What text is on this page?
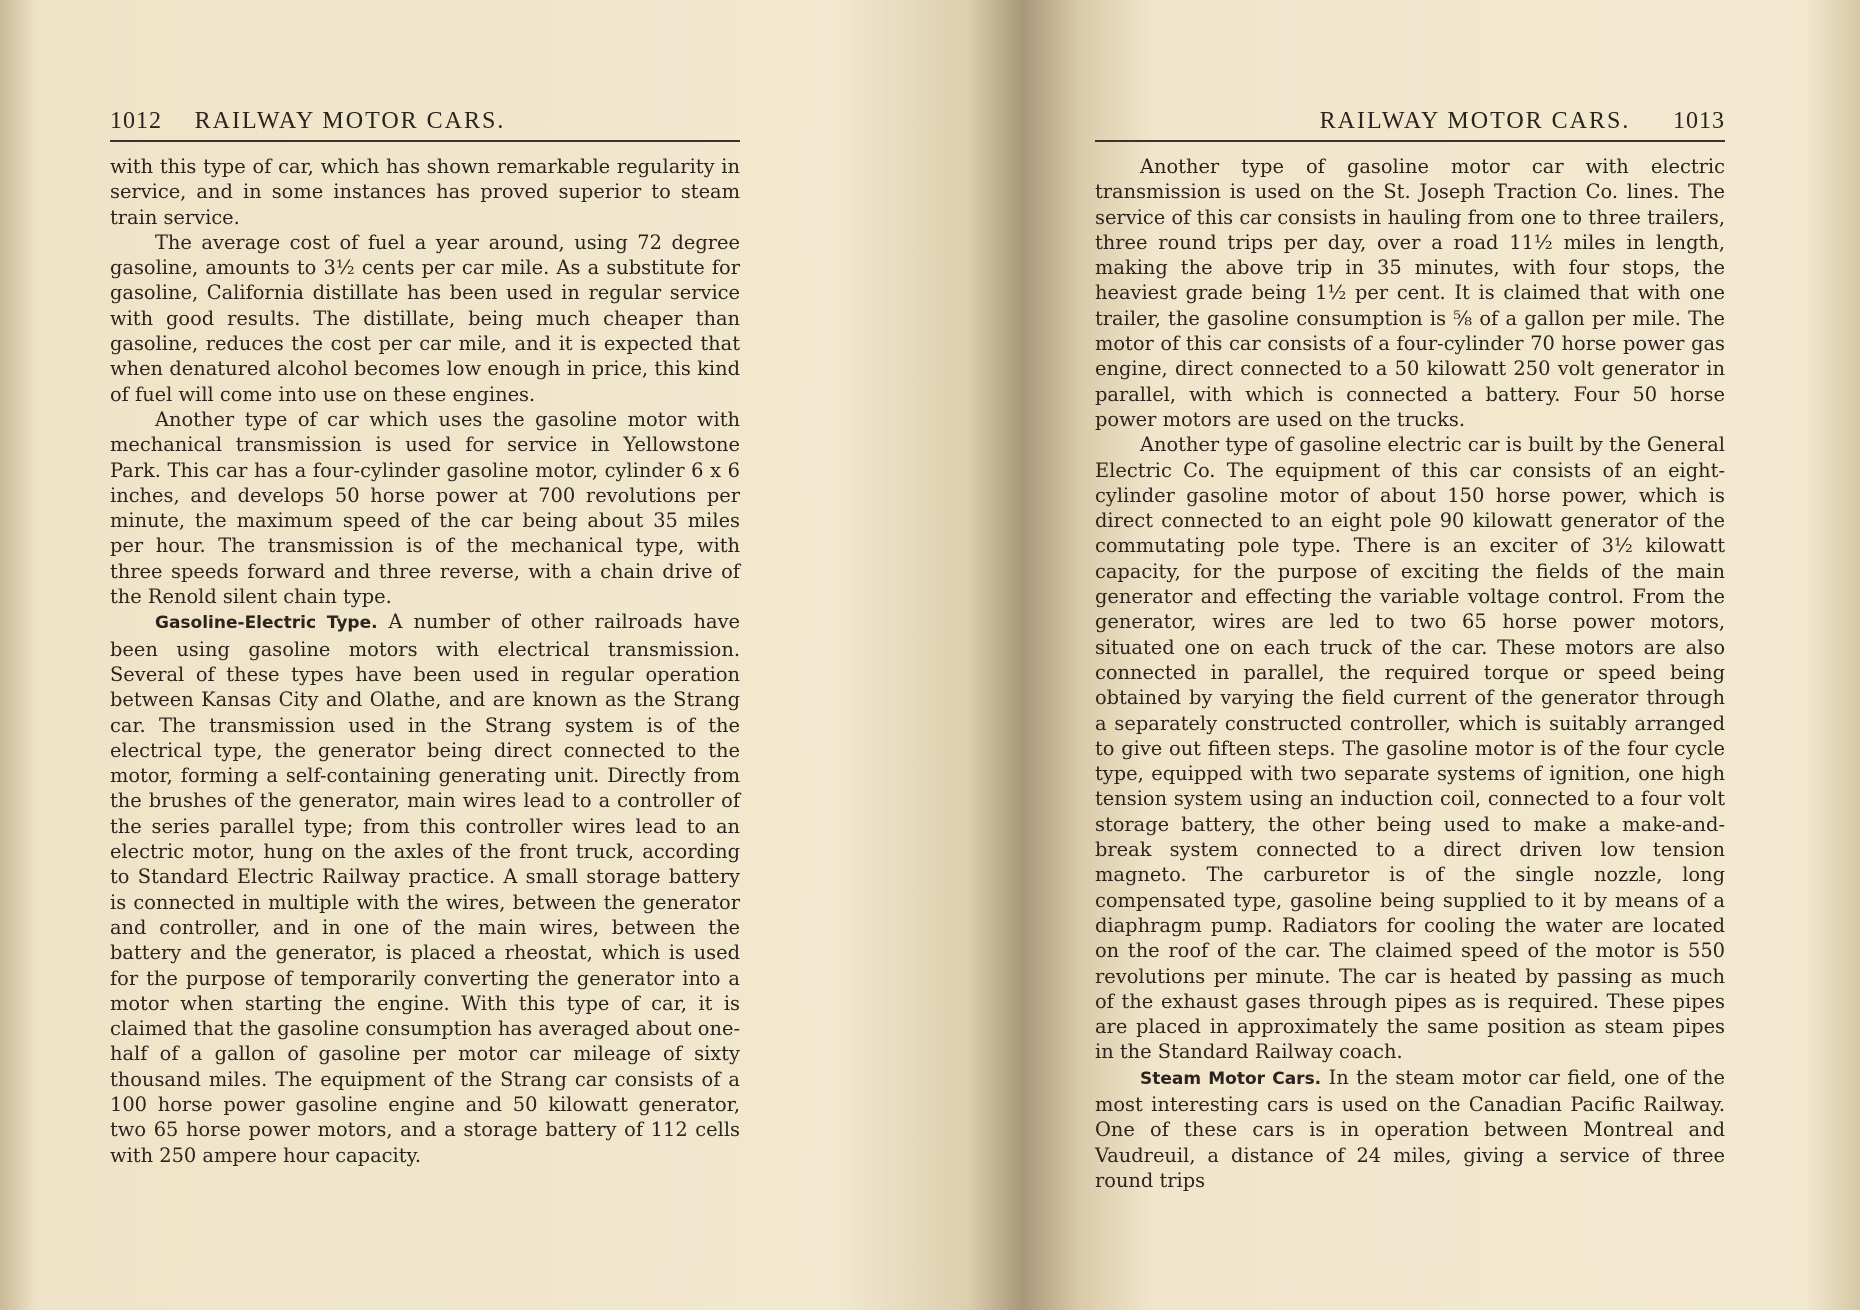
1012	RAILWAY MOTOR CARS.

with this type of car, which has shown remarkable regularity in service, and in some instances has proved superior to steam train service.

The average cost of fuel a year around, using 72 degree gasoline, amounts to 3½ cents per car mile. As a substitute for gasoline, California distillate has been used in regular service with good results. The distillate, being much cheaper than gasoline, reduces the cost per car mile, and it is expected that when denatured alcohol becomes low enough in price, this kind of fuel will come into use on these engines.

Another type of car which uses the gasoline motor with mechanical transmission is used for service in Yellowstone Park. This car has a four-cylinder gasoline motor, cylinder 6 x 6 inches, and develops 50 horse power at 700 revolutions per minute, the maximum speed of the car being about 35 miles per hour. The transmission is of the mechanical type, with three speeds forward and three reverse, with a chain drive of the Renold silent chain type.

Gasoline-Electric Type. A number of other railroads have been using gasoline motors with electrical transmission. Several of these types have been used in regular operation between Kansas City and Olathe, and are known as the Strang car. The transmission used in the Strang system is of the electrical type, the generator being direct connected to the motor, forming a self-containing generating unit. Directly from the brushes of the generator, main wires lead to a controller of the series parallel type; from this controller wires lead to an electric motor, hung on the axles of the front truck, according to Standard Electric Railway practice. A small storage battery is connected in multiple with the wires, between the generator and controller, and in one of the main wires, between the battery and the generator, is placed a rheostat, which is used for the purpose of temporarily converting the generator into a motor when starting the engine. With this type of car, it is claimed that the gasoline consumption has averaged about one-half of a gallon of gasoline per motor car mileage of sixty thousand miles. The equipment of the Strang car consists of a 100 horse power gasoline engine and 50 kilowatt generator, two 65 horse power motors, and a storage battery of 112 cells with 250 ampere hour capacity.

RAILWAY MOTOR CARS.	1013

Another type of gasoline motor car with electric transmission is used on the St. Joseph Traction Co. lines. The service of this car consists in hauling from one to three trailers, three round trips per day, over a road 11½ miles in length, making the above trip in 35 minutes, with four stops, the heaviest grade being 1½ per cent. It is claimed that with one trailer, the gasoline consumption is ⅝ of a gallon per mile. The motor of this car consists of a four-cylinder 70 horse power gas engine, direct connected to a 50 kilowatt 250 volt generator in parallel, with which is connected a battery. Four 50 horse power motors are used on the trucks.

Another type of gasoline electric car is built by the General Electric Co. The equipment of this car consists of an eight-cylinder gasoline motor of about 150 horse power, which is direct connected to an eight pole 90 kilowatt generator of the commutating pole type. There is an exciter of 3½ kilowatt capacity, for the purpose of exciting the fields of the main generator and effecting the variable voltage control. From the generator, wires are led to two 65 horse power motors, situated one on each truck of the car. These motors are also connected in parallel, the required torque or speed being obtained by varying the field current of the generator through a separately constructed controller, which is suitably arranged to give out fifteen steps. The gasoline motor is of the four cycle type, equipped with two separate systems of ignition, one high tension system using an induction coil, connected to a four volt storage battery, the other being used to make a make-and-break system connected to a direct driven low tension magneto. The carburetor is of the single nozzle, long compensated type, gasoline being supplied to it by means of a diaphragm pump. Radiators for cooling the water are located on the roof of the car. The claimed speed of the motor is 550 revolutions per minute. The car is heated by passing as much of the exhaust gases through pipes as is required. These pipes are placed in approximately the same position as steam pipes in the Standard Railway coach.

Steam Motor Cars. In the steam motor car field, one of the most interesting cars is used on the Canadian Pacific Railway. One of these cars is in operation between Montreal and Vaudreuil, a distance of 24 miles, giving a service of three round trips
